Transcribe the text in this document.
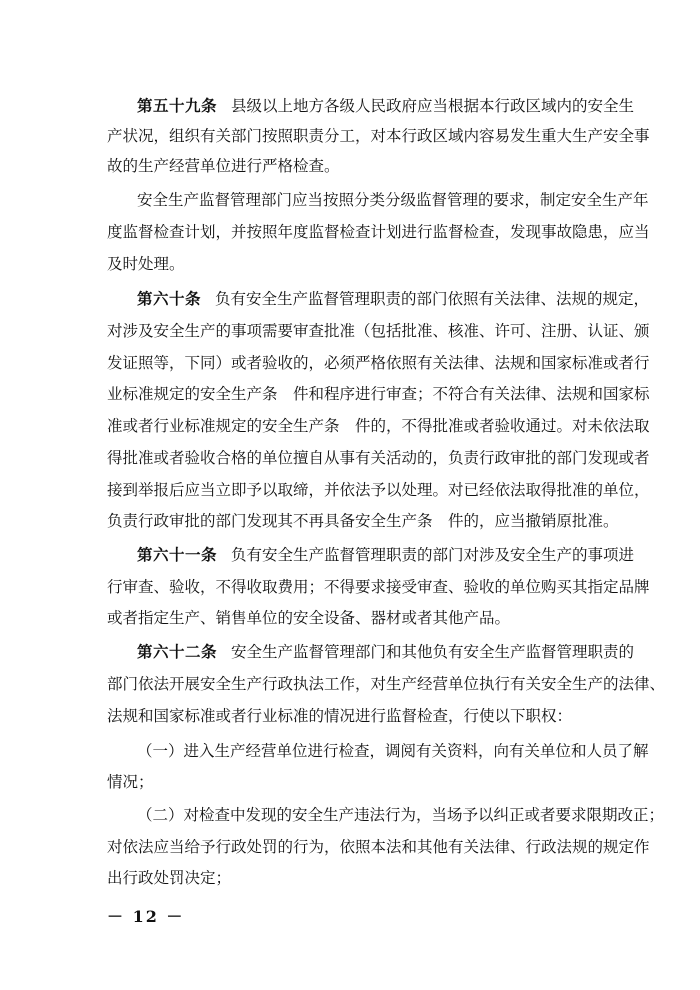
第五十九条 县级以上地方各级人民政府应当根据本行政区域内的安全生
产状况，组织有关部门按照职责分工，对本行政区域内容易发生重大生产安全事
故的生产经营单位进行严格检查。
安全生产监督管理部门应当按照分类分级监督管理的要求，制定安全生产年
度监督检查计划，并按照年度监督检查计划进行监督检查，发现事故隐患，应当
及时处理。
第六十条 负有安全生产监督管理职责的部门依照有关法律、法规的规定，
对涉及安全生产的事项需要审查批准（包括批准、核准、许可、注册、认证、颁
发证照等，下同）或者验收的，必须严格依照有关法律、法规和国家标准或者行
业标准规定的安全生产条　件和程序进行审查；不符合有关法律、法规和国家标
准或者行业标准规定的安全生产条　件的，不得批准或者验收通过。对未依法取
得批准或者验收合格的单位擅自从事有关活动的，负责行政审批的部门发现或者
接到举报后应当立即予以取缔，并依法予以处理。对已经依法取得批准的单位，
负责行政审批的部门发现其不再具备安全生产条　件的，应当撤销原批准。
第六十一条 负有安全生产监督管理职责的部门对涉及安全生产的事项进
行审查、验收，不得收取费用；不得要求接受审查、验收的单位购买其指定品牌
或者指定生产、销售单位的安全设备、器材或者其他产品。
第六十二条 安全生产监督管理部门和其他负有安全生产监督管理职责的
部门依法开展安全生产行政执法工作，对生产经营单位执行有关安全生产的法律、
法规和国家标准或者行业标准的情况进行监督检查，行使以下职权：
（一）进入生产经营单位进行检查，调阅有关资料，向有关单位和人员了解
情况；
（二）对检查中发现的安全生产违法行为，当场予以纠正或者要求限期改正；
对依法应当给予行政处罚的行为，依照本法和其他有关法律、行政法规的规定作
出行政处罚决定；
－ 12 －
